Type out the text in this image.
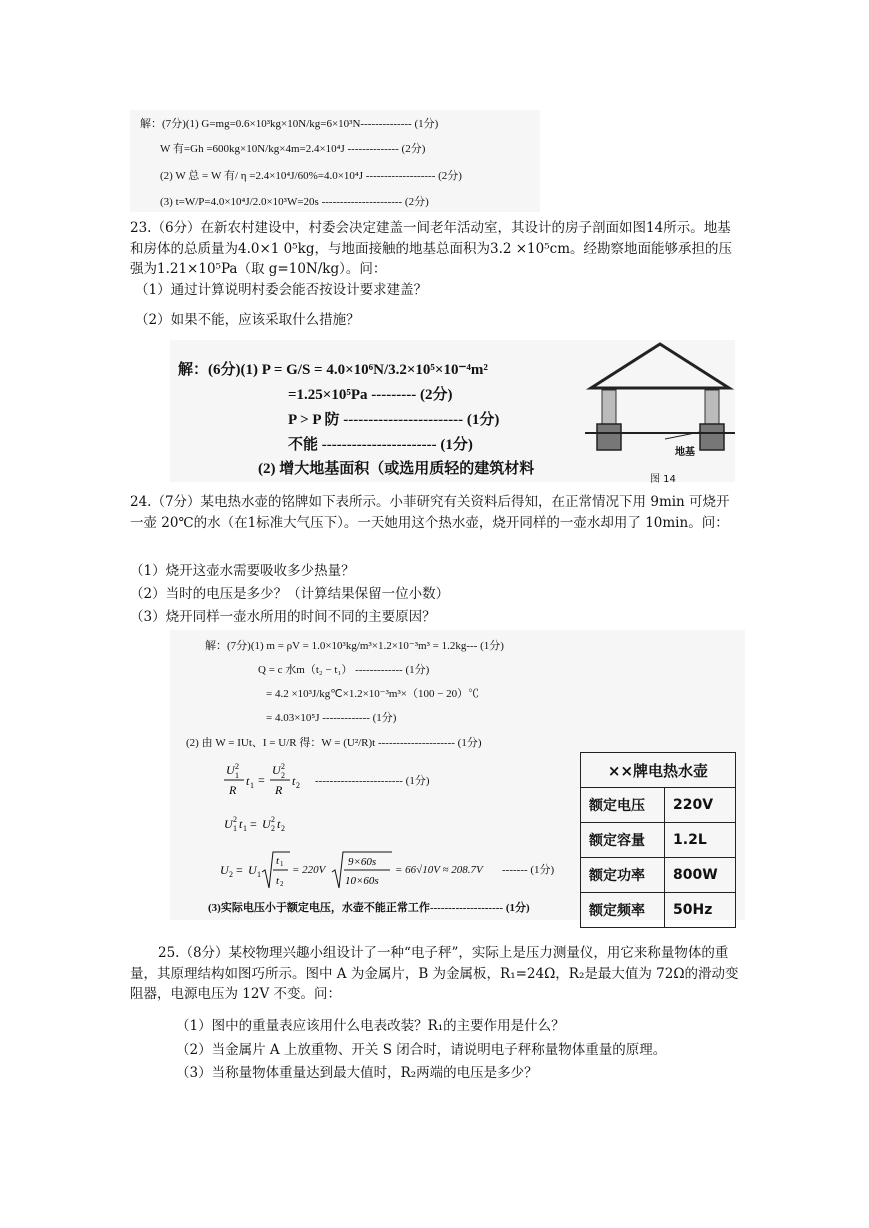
解：(7分)(1) G=mg=0.6×10³kg×10N/kg=6×10³N-------------- (1分)
W 有=Gh =600kg×10N/kg×4m=2.4×10⁴J -------------- (2分)
(2) W 总 = W 有/ η =2.4×10⁴J/60%=4.0×10⁴J ------------------- (2分)
(3) t=W/P=4.0×10⁴J/2.0×10³W=20s ---------------------- (2分)
23.（6分）在新农村建设中，村委会决定建盖一间老年活动室，其设计的房子剖面如图14所示。地基和房体的总质量为4.0×1 0⁵kg，与地面接触的地基总面积为3.2 ×10⁵cm。经勘察地面能够承担的压强为1.21×10⁵Pa（取 g=10N/kg）。问：
（1）通过计算说明村委会能否按设计要求建盖？
（2）如果不能，应该采取什么措施？
解：(6分)(1) P = G/S = 4.0×10⁶N/3.2×10⁵×10⁻⁴m²
=1.25×10⁵Pa --------- (2分)
P > P 防 ------------------------ (1分)
不能 ----------------------- (1分)
(2) 增大地基面积（或选用质轻的建筑材料
地基
图 14
24.（7分）某电热水壶的铭牌如下表所示。小菲研究有关资料后得知，在正常情况下用 9min 可烧开一壶 20℃的水（在1标准大气压下）。一天她用这个热水壶，烧开同样的一壶水却用了 10min。问：
（1）烧开这壶水需要吸收多少热量？
（2）当时的电压是多少？（计算结果保留一位小数）
（3）烧开同样一壶水所用的时间不同的主要原因？
解：(7分)(1) m = ρV = 1.0×10³kg/m³×1.2×10⁻³m³ = 1.2kg--- (1分)
Q = c 水m（t₂ − t₁） ------------- (1分)
= 4.2 ×10³J/kg℃×1.2×10⁻³m³×（100 − 20）℃
= 4.03×10⁵J ------------- (1分)
(2) 由 W = IUt、I = U/R 得：W = (U²/R)t --------------------- (1分)
U 2
1
R
t 1 =
U 2
2
R
t 2 ------------------------ (1分)
U 2
1 t 1 = U 2
2 t 2
U 2 = U 1
t 1
t 2
= 220V
9×60s
10×60s
= 66√10V ≈ 208.7V ------- (1分)
(3)实际电压小于额定电压，水壶不能正常工作-------------------- (1分)
××牌电热水壶	
额定电压	220V
额定容量	1.2L
额定功率	800W
额定频率	50Hz
25.（8分）某校物理兴趣小组设计了一种“电子秤”，实际上是压力测量仪，用它来称量物体的重量，其原理结构如图巧所示。图中 A 为金属片，B 为金属板，R₁=24Ω，R₂是最大值为 72Ω的滑动变阻器，电源电压为 12V 不变。问：
（1）图中的重量表应该用什么电表改装？R₁的主要作用是什么？
（2）当金属片 A 上放重物、开关 S 闭合时，请说明电子秤称量物体重量的原理。
（3）当称量物体重量达到最大值时，R₂两端的电压是多少？
